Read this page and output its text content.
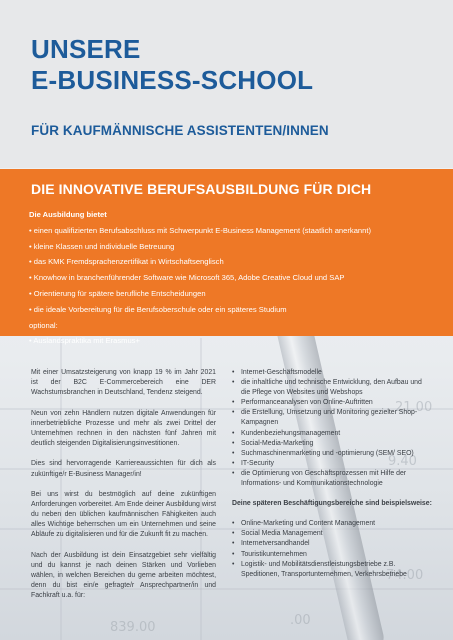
UNSERE
E-BUSINESS-SCHOOL
FÜR KAUFMÄNNISCHE ASSISTENTEN/INNEN
21.00
9.40
74.00
.00
839.00
DIE INNOVATIVE BERUFSAUSBILDUNG FÜR DICH
Die Ausbildung bietet
• einen qualifizierten Berufsabschluss mit Schwerpunkt E-Business Management (staatlich anerkannt)
• kleine Klassen und individuelle Betreuung
• das KMK Fremdsprachenzertifikat in Wirtschaftsenglisch
• Knowhow in branchenführender Software wie Microsoft 365, Adobe Creative Cloud und SAP
• Orientierung für spätere berufliche Entscheidungen
• die ideale Vorbereitung für die Berufsoberschule oder ein späteres Studium
optional:
• Auslandspraktika mit Erasmus+

Mit einer Umsatzsteigerung von knapp 19 % im Jahr 2021 ist der B2C E-Commercebereich eine DER Wachstumsbranchen in Deutschland, Tendenz steigend.

Neun von zehn Händlern nutzen digitale Anwendungen für innerbetriebliche Prozesse und mehr als zwei Drittel der Unternehmen rechnen in den nächsten fünf Jahren mit deutlich steigenden Digitalisierungsinvestitionen.

Dies sind hervorragende Karriereaussichten für dich als zukünftige/r E-Business Manager/in!

Bei uns wirst du bestmöglich auf deine zukünftigen Anforderungen vorbereitet. Am Ende deiner Ausbildung wirst du neben den üblichen kaufmännischen Fähigkeiten auch alles Wichtige beherrschen um ein Unternehmen und seine Abläufe zu digitalisieren und für die Zukunft fit zu machen.

Nach der Ausbildung ist dein Einsatzgebiet sehr vielfältig und du kannst je nach deinen Stärken und Vorlieben wählen, in welchen Bereichen du gerne arbeiten möchtest, denn du bist ein/e gefragte/r Ansprechpartner/in und Fachkraft u.a. für:

• Internet-Geschäftsmodelle
• die inhaltliche und technische Entwicklung, den Aufbau und die Pflege von Websites und Webshops
• Performanceanalysen von Online-Auftritten
• die Erstellung, Umsetzung und Monitoring gezielter Shop-Kampagnen
• Kundenbeziehungsmanagement
• Social-Media-Marketing
• Suchmaschinenmarketing und -optimierung (SEM/ SEO)
• IT-Security
• die Optimierung von Geschäftsprozessen mit Hilfe der Informations- und Kommunikationstechnologie
Deine späteren Beschäftigungsbereiche sind beispielsweise:
• Online-Marketing und Content Management
• Social Media Management
• Internetversandhandel
• Touristikunternehmen
• Logistik- und Mobilitätsdienstleistungsbetriebe z.B. Speditionen, Transportunternehmen, Verkehrsbetriebe
